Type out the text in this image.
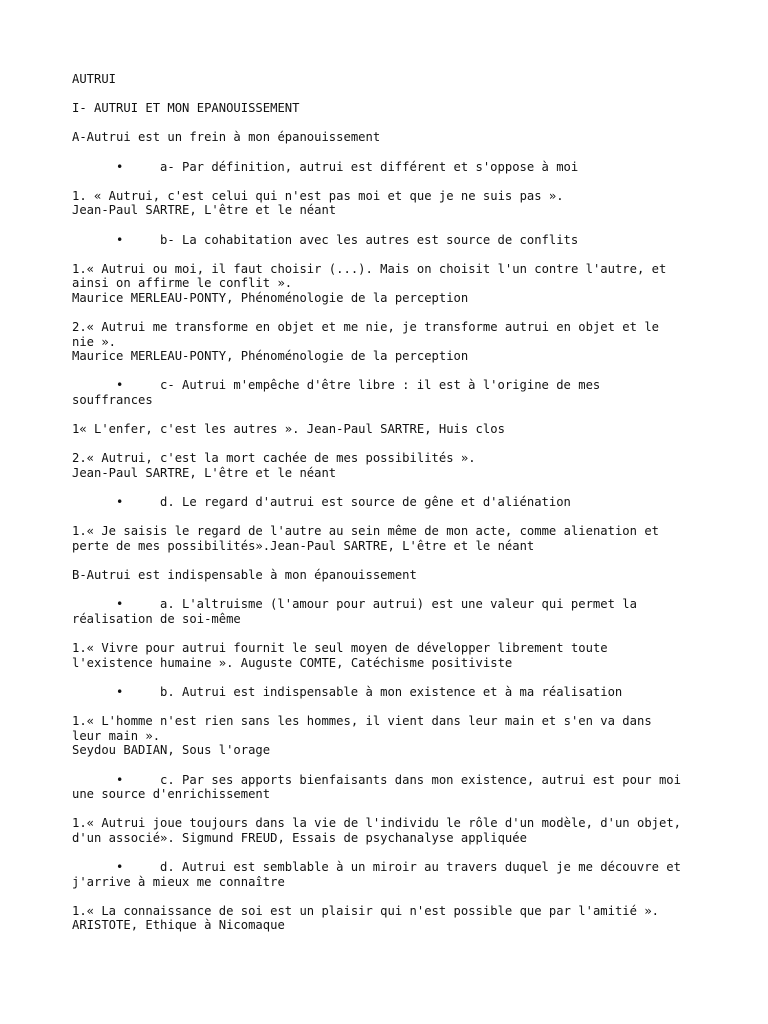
AUTRUI

I- AUTRUI ET MON EPANOUISSEMENT

A-Autrui est un frein à mon épanouissement

•	a- Par définition, autrui est différent et s'oppose à moi

1. « Autrui, c'est celui qui n'est pas moi et que je ne suis pas ».

Jean-Paul SARTRE, L'être et le néant

•	b- La cohabitation avec les autres est source de conflits

1.« Autrui ou moi, il faut choisir (...). Mais on choisit l'un contre l'autre, et

ainsi on affirme le conflit ».

Maurice MERLEAU-PONTY, Phénoménologie de la perception

2.« Autrui me transforme en objet et me nie, je transforme autrui en objet et le

nie ».

Maurice MERLEAU-PONTY, Phénoménologie de la perception

•	c- Autrui m'empêche d'être libre : il est à l'origine de mes

souffrances

1« L'enfer, c'est les autres ». Jean-Paul SARTRE, Huis clos

2.« Autrui, c'est la mort cachée de mes possibilités ».

Jean-Paul SARTRE, L'être et le néant

•	d. Le regard d'autrui est source de gêne et d'aliénation

1.« Je saisis le regard de l'autre au sein même de mon acte, comme alienation et

perte de mes possibilités».Jean-Paul SARTRE, L'être et le néant

B-Autrui est indispensable à mon épanouissement

•	a. L'altruisme (l'amour pour autrui) est une valeur qui permet la

réalisation de soi-même

1.« Vivre pour autrui fournit le seul moyen de développer librement toute

l'existence humaine ». Auguste COMTE, Catéchisme positiviste

•	b. Autrui est indispensable à mon existence et à ma réalisation

1.« L'homme n'est rien sans les hommes, il vient dans leur main et s'en va dans

leur main ».

Seydou BADIAN, Sous l'orage

•	c. Par ses apports bienfaisants dans mon existence, autrui est pour moi

une source d'enrichissement

1.« Autrui joue toujours dans la vie de l'individu le rôle d'un modèle, d'un objet,

d'un associé». Sigmund FREUD, Essais de psychanalyse appliquée

•	d. Autrui est semblable à un miroir au travers duquel je me découvre et

j'arrive à mieux me connaître

1.« La connaissance de soi est un plaisir qui n'est possible que par l'amitié ».

ARISTOTE, Ethique à Nicomaque
